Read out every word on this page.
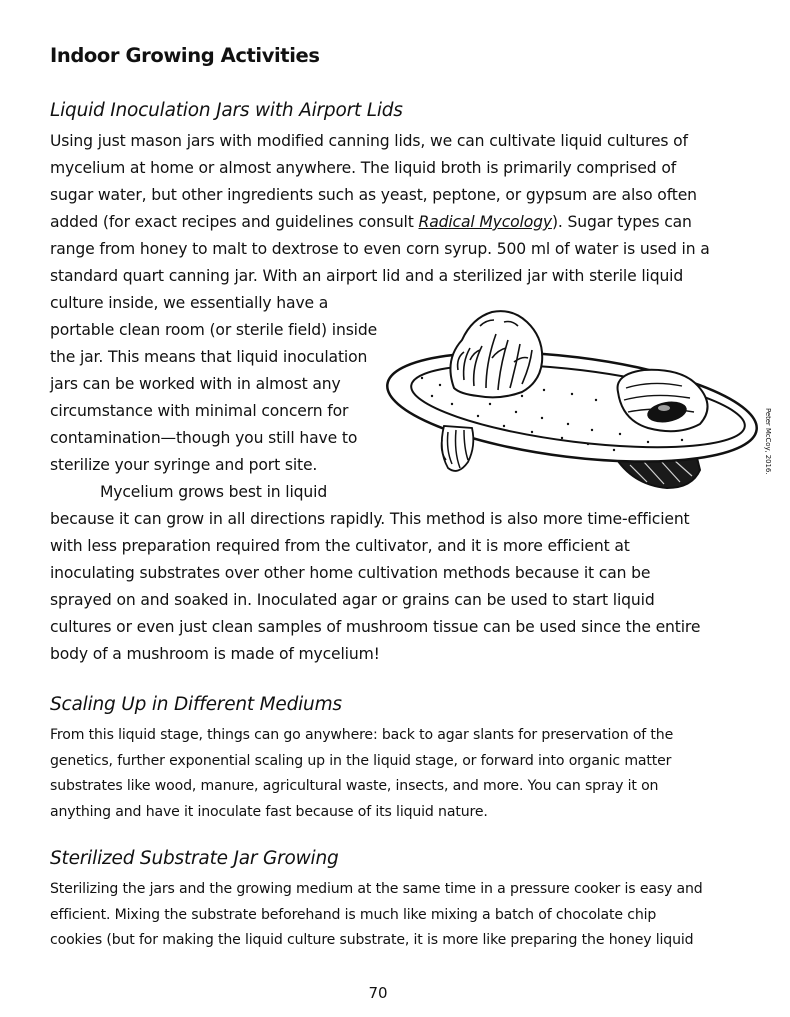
Indoor Growing Activities
Liquid Inoculation Jars with Airport Lids

Using just mason jars with modified canning lids, we can cultivate liquid cultures of
mycelium at home or almost anywhere. The liquid broth is primarily comprised of
sugar water, but other ingredients such as yeast, peptone, or gypsum are also often
added (for exact recipes and guidelines consult Radical Mycology). Sugar types can
range from honey to malt to dextrose to even corn syrup. 500 ml of water is used in a
standard quart canning jar. With an airport lid and a sterilized jar with sterile liquid
culture inside, we essentially have a
portable clean room (or sterile field) inside
the jar. This means that liquid inoculation
jars can be worked with in almost any
circumstance with minimal concern for
contamination—though you still have to
sterilize your syringe and port site.
Mycelium grows best in liquid
because it can grow in all directions rapidly. This method is also more time-efficient
with less preparation required from the cultivator, and it is more efficient at
inoculating substrates over other home cultivation methods because it can be
sprayed on and soaked in. Inoculated agar or grains can be used to start liquid
cultures or even just clean samples of mushroom tissue can be used since the entire
body of a mushroom is made of mycelium!

Peter McCoy, 2016.
Scaling Up in Different Mediums

From this liquid stage, things can go anywhere: back to agar slants for preservation of the
genetics, further exponential scaling up in the liquid stage, or forward into organic matter
substrates like wood, manure, agricultural waste, insects, and more. You can spray it on
anything and have it inoculate fast because of its liquid nature.

Sterilized Substrate Jar Growing

Sterilizing the jars and the growing medium at the same time in a pressure cooker is easy and
efficient. Mixing the substrate beforehand is much like mixing a batch of chocolate chip
cookies (but for making the liquid culture substrate, it is more like preparing the honey liquid

70
